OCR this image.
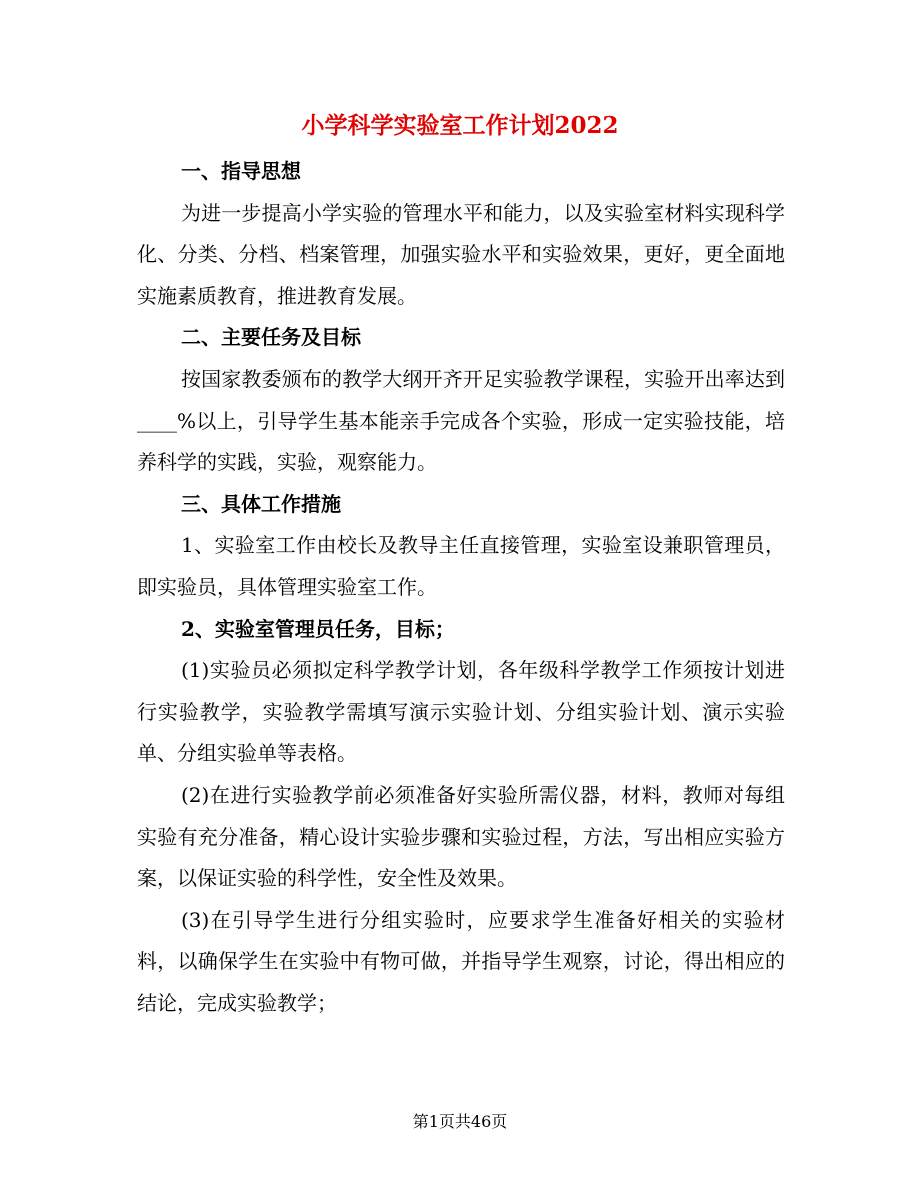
小学科学实验室工作计划2022

一、指导思想

为进一步提高小学实验的管理水平和能力，以及实验室材料实现科学化、分类、分档、档案管理，加强实验水平和实验效果，更好，更全面地实施素质教育，推进教育发展。

二、主要任务及目标

按国家教委颁布的教学大纲开齐开足实验教学课程，实验开出率达到____%以上，引导学生基本能亲手完成各个实验，形成一定实验技能，培养科学的实践，实验，观察能力。

三、具体工作措施

1、实验室工作由校长及教导主任直接管理，实验室设兼职管理员，即实验员，具体管理实验室工作。

2、实验室管理员任务，目标；

(1)实验员必须拟定科学教学计划，各年级科学教学工作须按计划进行实验教学，实验教学需填写演示实验计划、分组实验计划、演示实验单、分组实验单等表格。

(2)在进行实验教学前必须准备好实验所需仪器，材料，教师对每组实验有充分准备，精心设计实验步骤和实验过程，方法，写出相应实验方案，以保证实验的科学性，安全性及效果。

(3)在引导学生进行分组实验时，应要求学生准备好相关的实验材料，以确保学生在实验中有物可做，并指导学生观察，讨论，得出相应的结论，完成实验教学；

第1页共46页
